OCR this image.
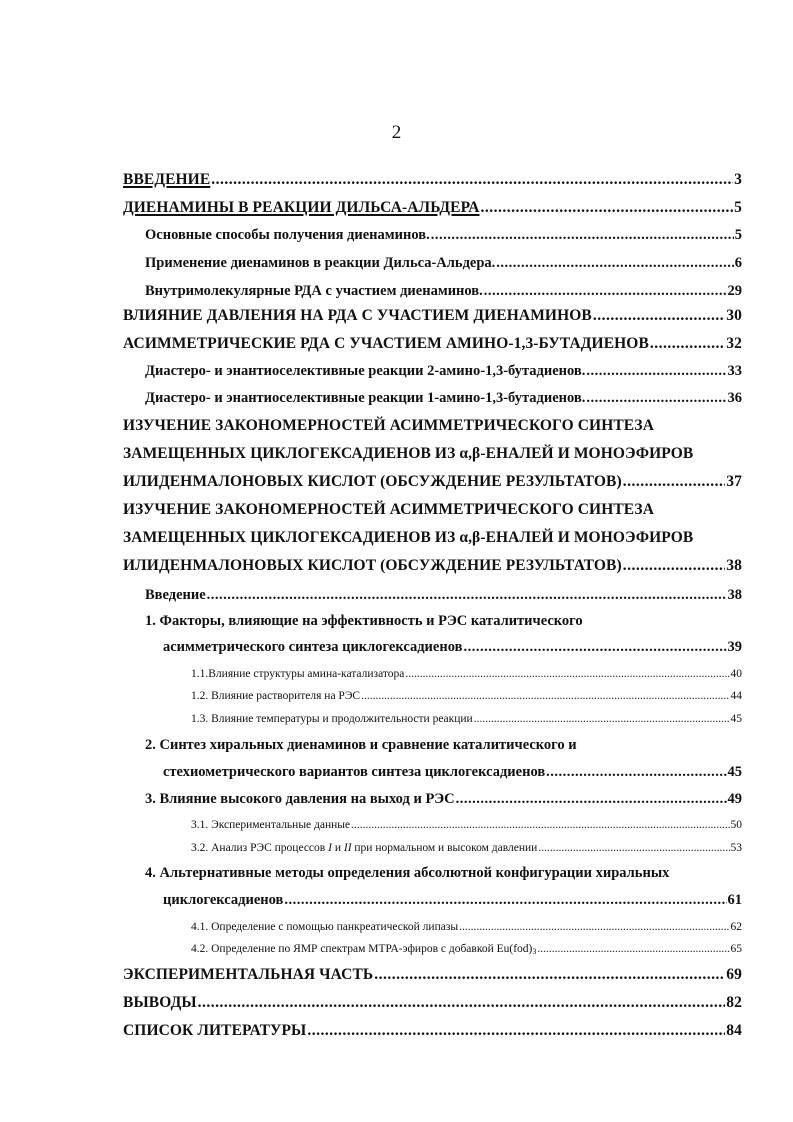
2
ВВЕДЕНИЕ .....	3
ДИЕНАМИНЫ В РЕАКЦИИ ДИЛЬСА-АЛЬДЕРА .....	5
Основные способы получения диенаминов. .....	5
Применение диенаминов в реакции Дильса-Альдера. .....	6
Внутримолекулярные РДА с участием диенаминов. .....	29
ВЛИЯНИЕ ДАВЛЕНИЯ НА РДА С УЧАСТИЕМ ДИЕНАМИНОВ .....	30
АСИММЕТРИЧЕСКИЕ РДА С УЧАСТИЕМ АМИНО-1,3-БУТАДИЕНОВ .....	32
Диастеро- и энантиоселективные реакции 2-амино-1,3-бутадиенов. .....	33
Диастеро- и энантиоселективные реакции 1-амино-1,3-бутадиенов. .....	36
ИЗУЧЕНИЕ ЗАКОНОМЕРНОСТЕЙ АСИММЕТРИЧЕСКОГО СИНТЕЗА
ЗАМЕЩЕННЫХ ЦИКЛОГЕКСАДИЕНОВ ИЗ α,β-ЕНАЛЕЙ И МОНОЭФИРОВ
ИЛИДЕНМАЛОНОВЫХ КИСЛОТ (ОБСУЖДЕНИЕ РЕЗУЛЬТАТОВ) .....	37
ИЗУЧЕНИЕ ЗАКОНОМЕРНОСТЕЙ АСИММЕТРИЧЕСКОГО СИНТЕЗА
ЗАМЕЩЕННЫХ ЦИКЛОГЕКСАДИЕНОВ ИЗ α,β-ЕНАЛЕЙ И МОНОЭФИРОВ
ИЛИДЕНМАЛОНОВЫХ КИСЛОТ (ОБСУЖДЕНИЕ РЕЗУЛЬТАТОВ) .....	38
Введение .....	38
1. Факторы, влияющие на эффективность и РЭС каталитического
асимметрического синтеза циклогексадиенов .....	39
1.1.Влияние структуры амина-катализатора .....	40
1.2. Влияние растворителя на РЭС .....	44
1.3. Влияние температуры и продолжительности реакции .....	45
2. Синтез хиральных диенаминов и сравнение каталитического и
стехиометрического вариантов синтеза циклогексадиенов .....	45
3. Влияние высокого давления на выход и РЭС .....	49
3.1. Экспериментальные данные .....	50
3.2. Анализ РЭС процессов I и II при нормальном и высоком давлении .....	53
4. Альтернативные методы определения абсолютной конфигурации хиральных
циклогексадиенов .....	61
4.1. Определение с помощью панкреатической липазы .....	62
4.2. Определение по ЯМР спектрам МТРА-эфиров с добавкой $Eu(fod)_3$ .....	65
ЭКСПЕРИМЕНТАЛЬНАЯ ЧАСТЬ .....	69
ВЫВОДЫ .....	82
СПИСОК ЛИТЕРАТУРЫ .....	84
